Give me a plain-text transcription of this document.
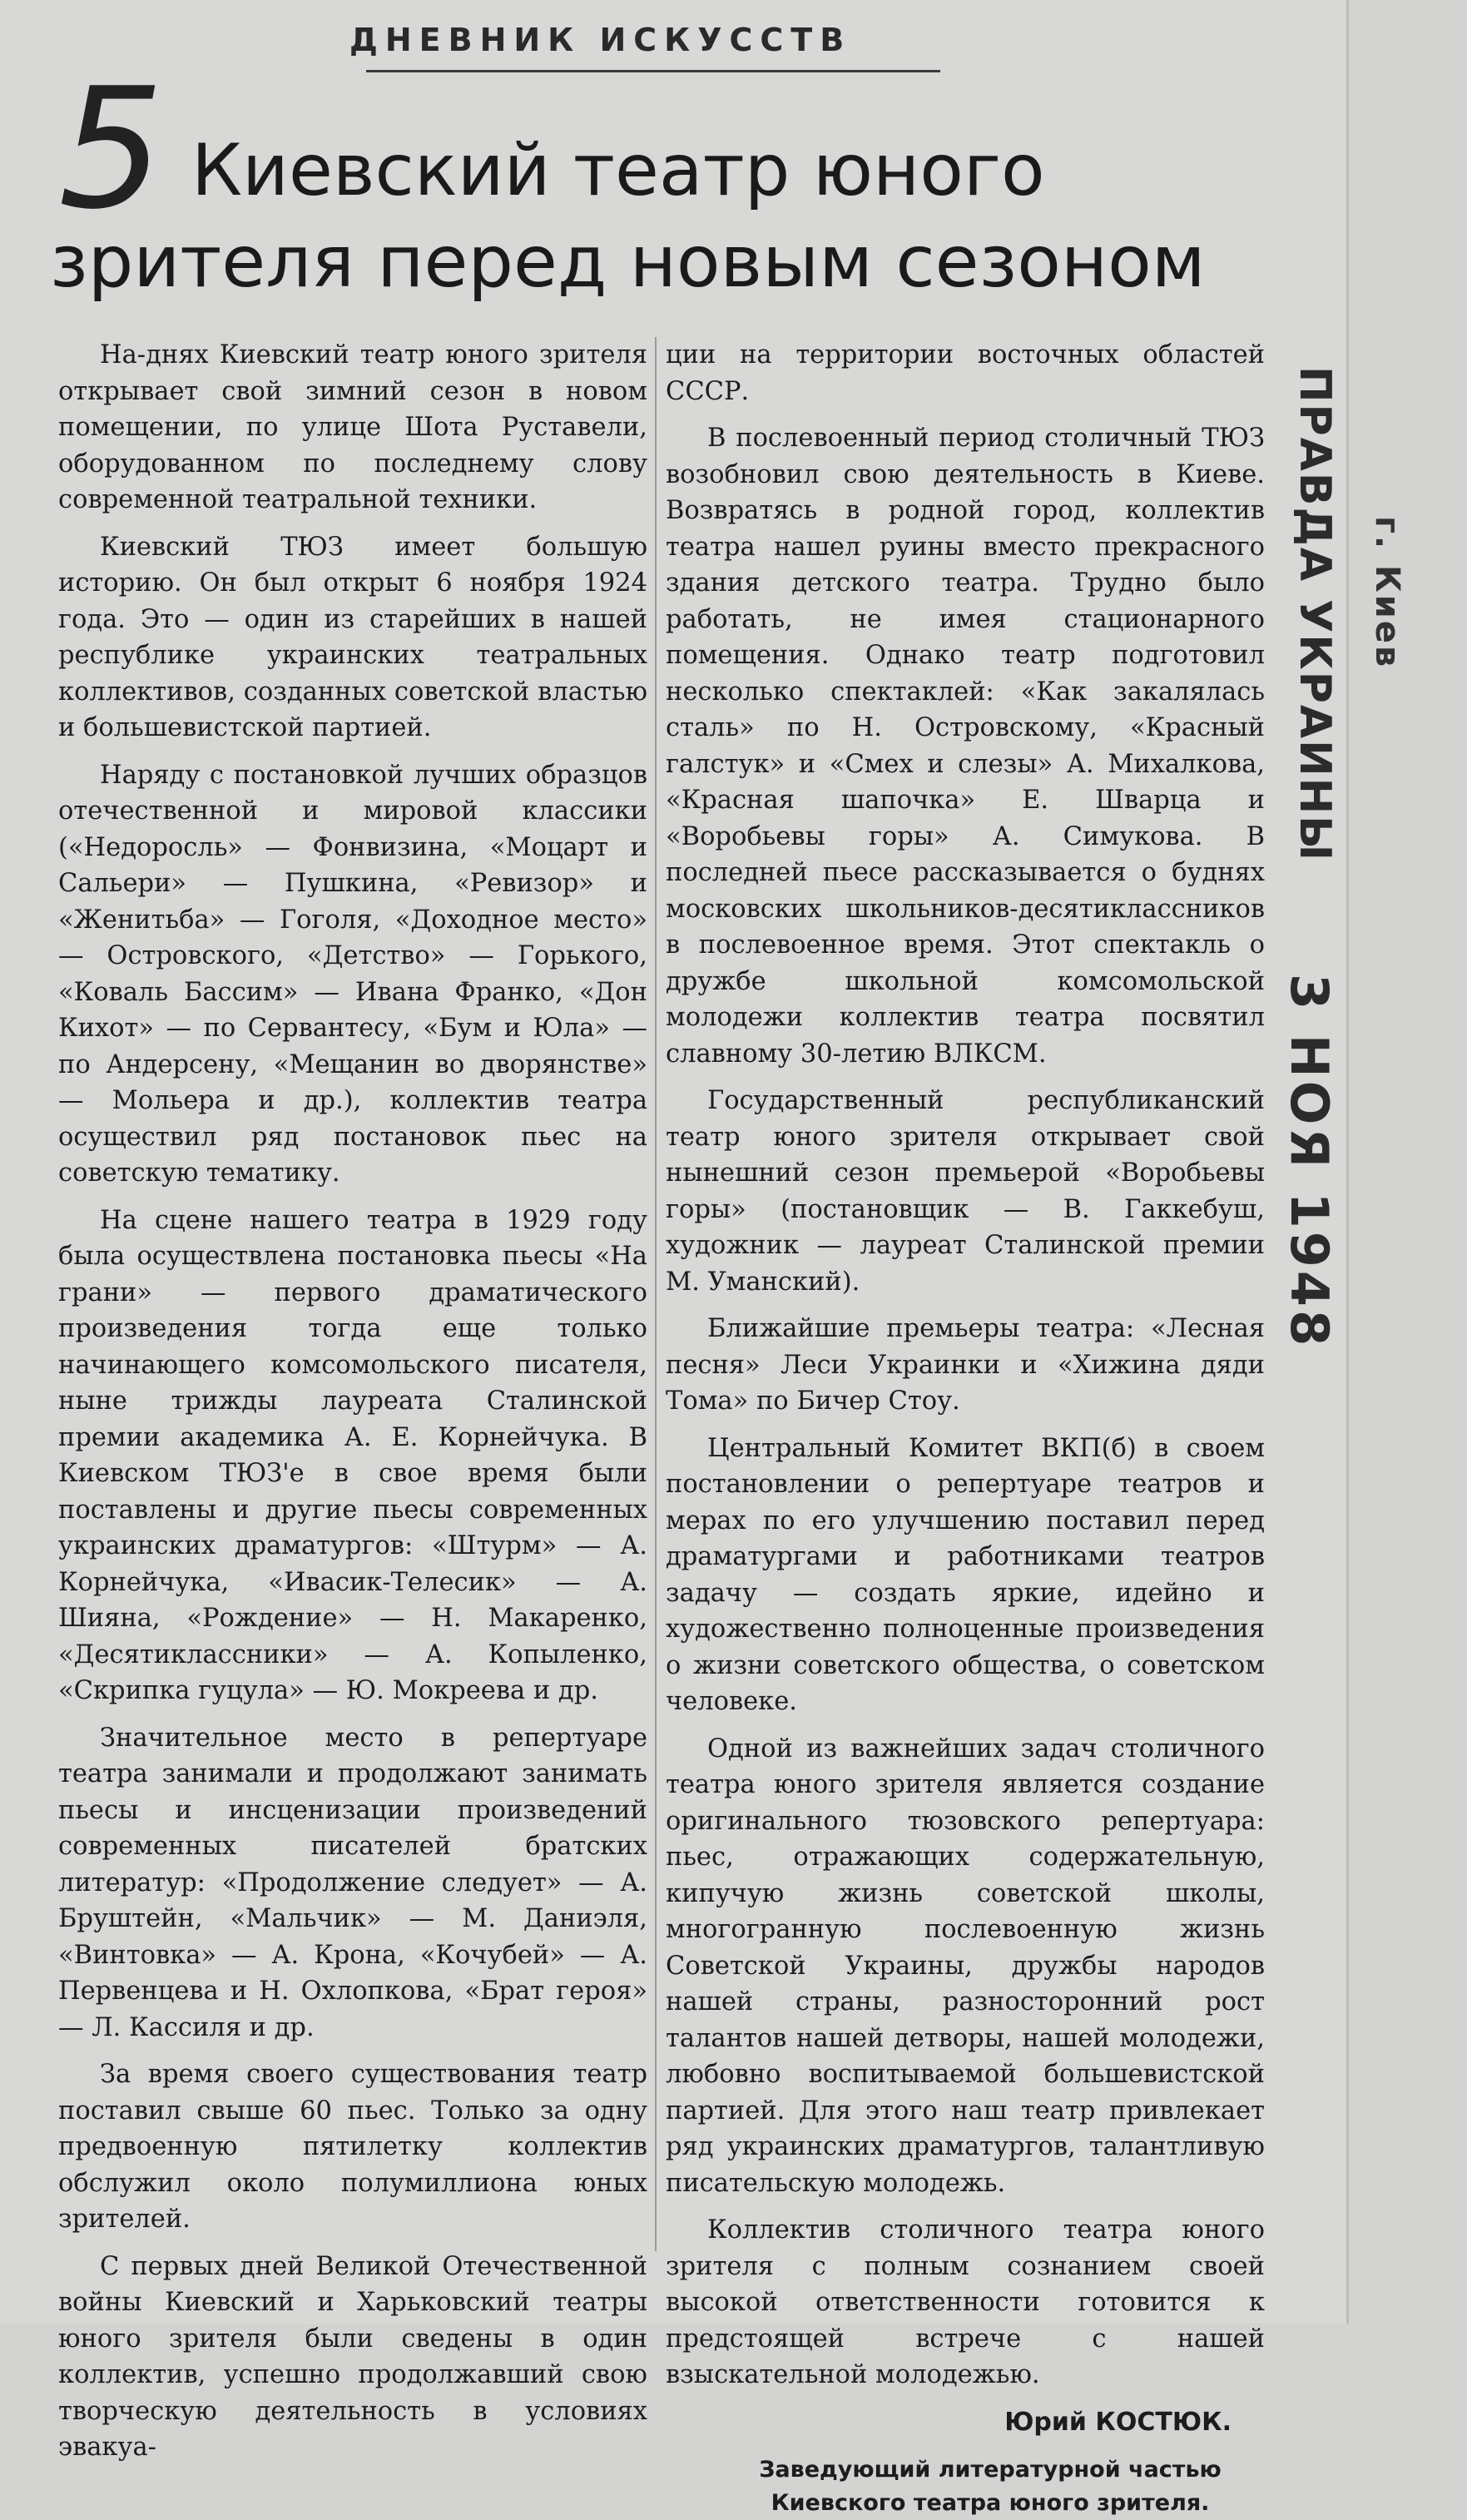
ДНЕВНИК ИСКУССТВ
5 Киевский театр юного
зрителя перед новым сезоном

На-днях Киевский театр юного зрителя открывает свой зимний сезон в новом помещении, по улице Шота Руставели, оборудованном по последнему слову современной театральной техники.

Киевский ТЮЗ имеет большую историю. Он был открыт 6 ноября 1924 года. Это — один из старейших в нашей республике украинских театральных коллективов, созданных советской властью и большевистской партией.

Наряду с постановкой лучших образцов отечественной и мировой классики («Недоросль» — Фонвизина, «Моцарт и Сальери» — Пушкина, «Ревизор» и «Женитьба» — Гоголя, «Доходное место» — Островского, «Детство» — Горького, «Коваль Бассим» — Ивана Франко, «Дон Кихот» — по Сервантесу, «Бум и Юла» — по Андерсену, «Мещанин во дворянстве» — Мольера и др.), коллектив театра осуществил ряд постановок пьес на советскую тематику.

На сцене нашего театра в 1929 году была осуществлена постановка пьесы «На грани» — первого драматического произведения тогда еще только начинающего комсомольского писателя, ныне трижды лауреата Сталинской премии академика А. Е. Корнейчука. В Киевском ТЮЗ'е в свое время были поставлены и другие пьесы современных украинских драматургов: «Штурм» — А. Корнейчука, «Ивасик-Телесик» — А. Шияна, «Рождение» — Н. Макаренко, «Десятиклассники» — А. Копыленко, «Скрипка гуцула» — Ю. Мокреева и др.

Значительное место в репертуаре театра занимали и продолжают занимать пьесы и инсценизации произведений современных писателей братских литератур: «Продолжение следует» — А. Бруштейн, «Мальчик» — М. Даниэля, «Винтовка» — А. Крона, «Кочубей» — А. Первенцева и Н. Охлопкова, «Брат героя» — Л. Кассиля и др.

За время своего существования театр поставил свыше 60 пьес. Только за одну предвоенную пятилетку коллектив обслужил около полумиллиона юных зрителей.

С первых дней Великой Отечественной войны Киевский и Харьковский театры юного зрителя были сведены в один коллектив, успешно продолжавший свою творческую деятельность в условиях эвакуа-

ции на территории восточных областей СССР.

В послевоенный период столичный ТЮЗ возобновил свою деятельность в Киеве. Возвратясь в родной город, коллектив театра нашел руины вместо прекрасного здания детского театра. Трудно было работать, не имея стационарного помещения. Однако театр подготовил несколько спектаклей: «Как закалялась сталь» по Н. Островскому, «Красный галстук» и «Смех и слезы» А. Михалкова, «Красная шапочка» Е. Шварца и «Воробьевы горы» А. Симукова. В последней пьесе рассказывается о буднях московских школьников-десятиклассников в послевоенное время. Этот спектакль о дружбе школьной комсомольской молодежи коллектив театра посвятил славному 30-летию ВЛКСМ.

Государственный республиканский театр юного зрителя открывает свой нынешний сезон премьерой «Воробьевы горы» (постановщик — В. Гаккебуш, художник — лауреат Сталинской премии М. Уманский).

Ближайшие премьеры театра: «Лесная песня» Леси Украинки и «Хижина дяди Тома» по Бичер Стоу.

Центральный Комитет ВКП(б) в своем постановлении о репертуаре театров и мерах по его улучшению поставил перед драматургами и работниками театров задачу — создать яркие, идейно и художественно полноценные произведения о жизни советского общества, о советском человеке.

Одной из важнейших задач столичного театра юного зрителя является создание оригинального тюзовского репертуара: пьес, отражающих содержательную, кипучую жизнь советской школы, многогранную послевоенную жизнь Советской Украины, дружбы народов нашей страны, разносторонний рост талантов нашей детворы, нашей молодежи, любовно воспитываемой большевистской партией. Для этого наш театр привлекает ряд украинских драматургов, талантливую писательскую молодежь.

Коллектив столичного театра юного зрителя с полным сознанием своей высокой ответственности готовится к предстоящей встрече с нашей взыскательной молодежью.

Юрий КОСТЮК.
Заведующий литературной частью
Киевского театра юного зрителя.
ПРАВДА УКРАИНЫ г. Киев
3 НОЯ 1948
